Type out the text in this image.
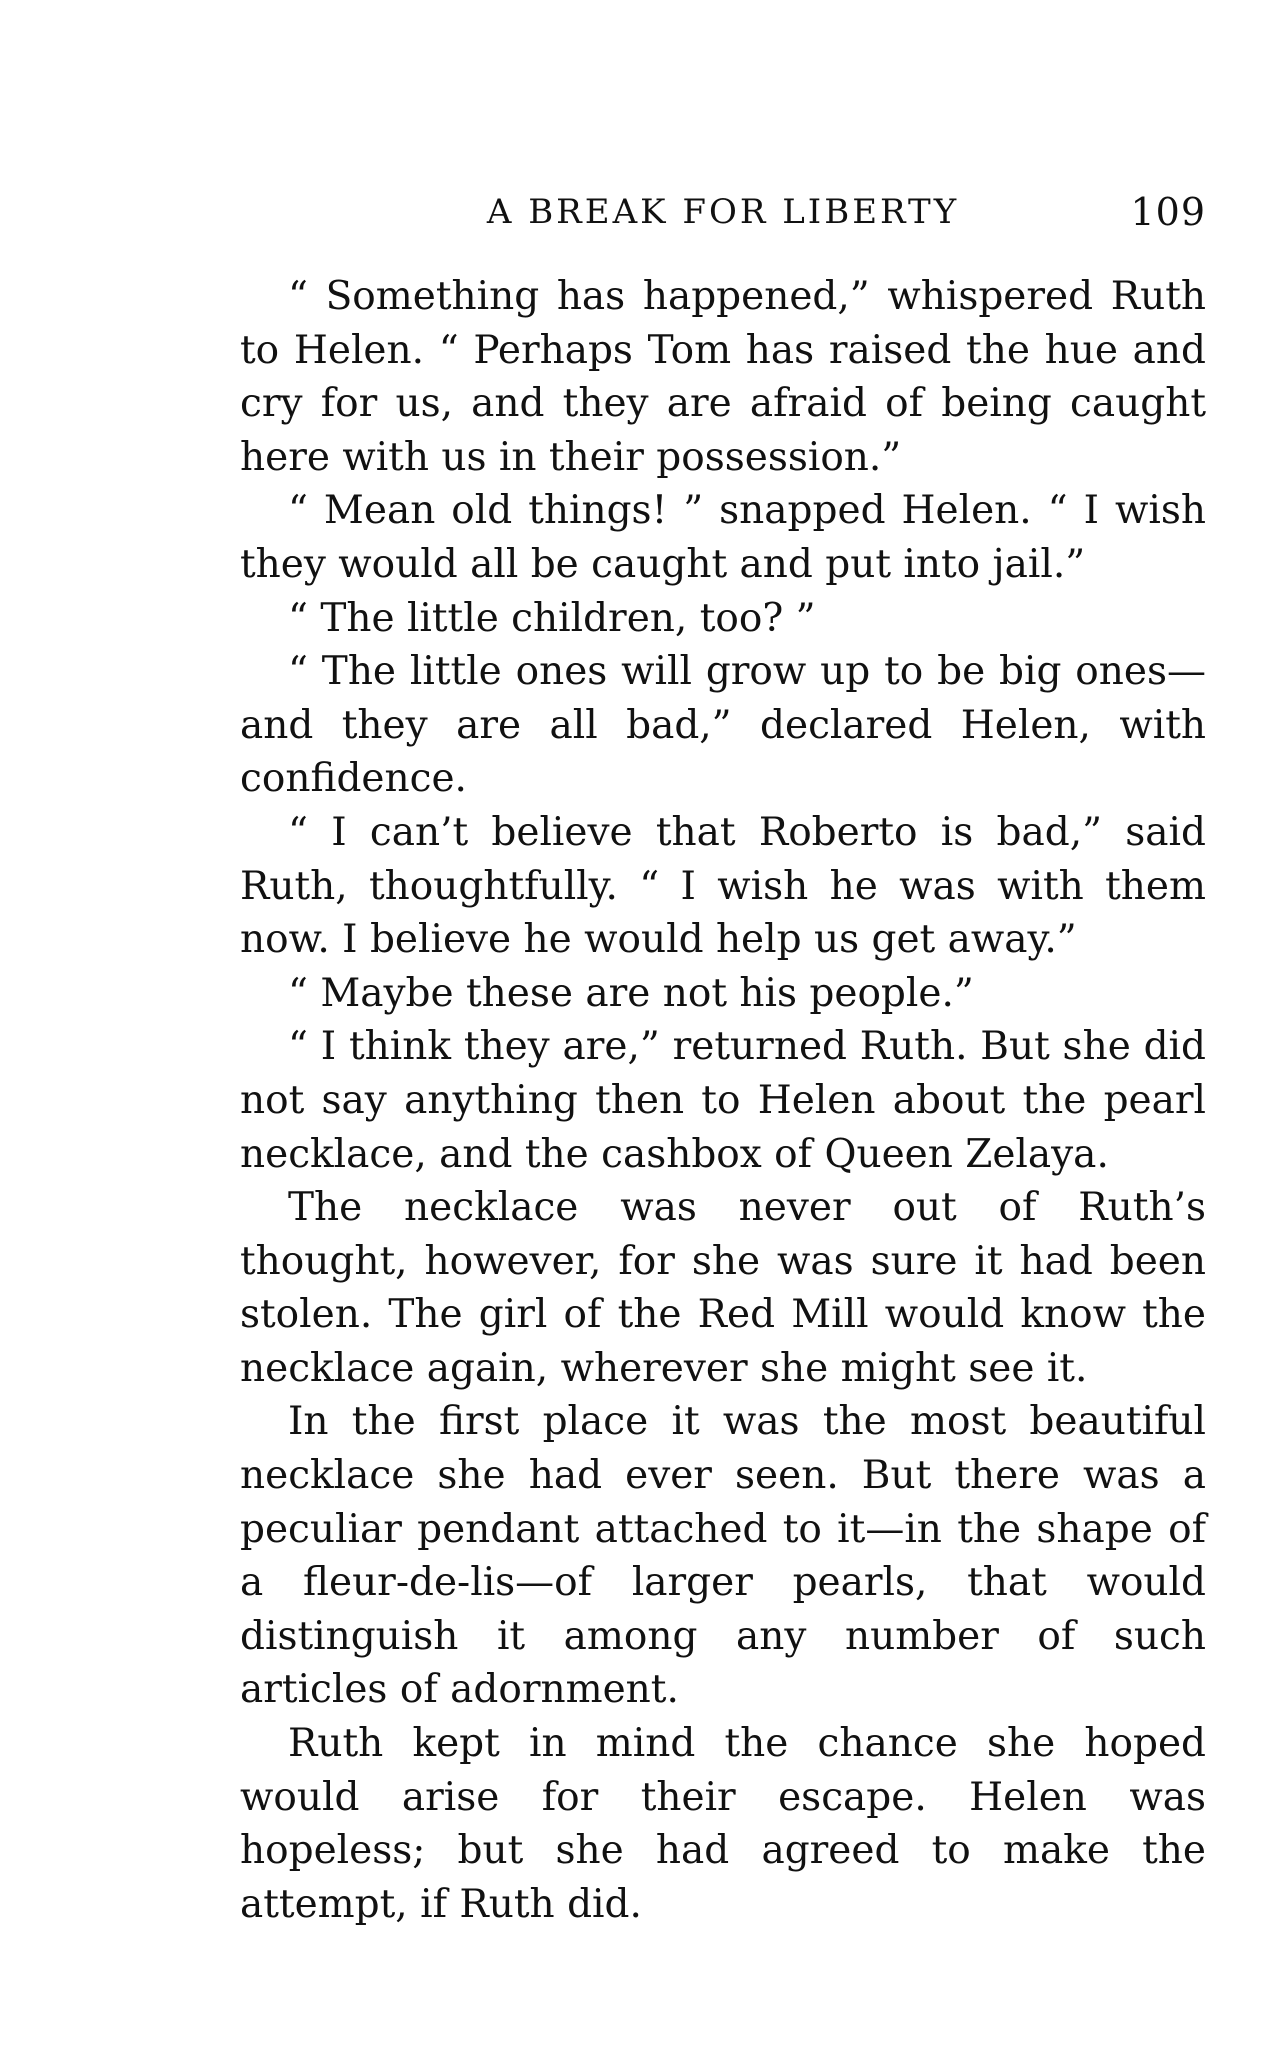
A BREAK FOR LIBERTY	109

“ Something has happened,” whispered Ruth to Helen. “ Perhaps Tom has raised the hue and cry for us, and they are afraid of being caught here with us in their possession.”

“ Mean old things! ” snapped Helen. “ I wish they would all be caught and put into jail.”

“ The little children, too? ”

“ The little ones will grow up to be big ones—and they are all bad,” declared Helen, with confidence.

“ I can’t believe that Roberto is bad,” said Ruth, thoughtfully. “ I wish he was with them now. I believe he would help us get away.”

“ Maybe these are not his people.”

“ I think they are,” returned Ruth. But she did not say anything then to Helen about the pearl necklace, and the cashbox of Queen Zelaya.

The necklace was never out of Ruth’s thought, however, for she was sure it had been stolen. The girl of the Red Mill would know the necklace again, wherever she might see it.

In the first place it was the most beautiful necklace she had ever seen. But there was a peculiar pendant attached to it—in the shape of a fleur-de-lis—of larger pearls, that would distinguish it among any number of such articles of adornment.

Ruth kept in mind the chance she hoped would arise for their escape. Helen was hopeless; but she had agreed to make the attempt, if Ruth did.
